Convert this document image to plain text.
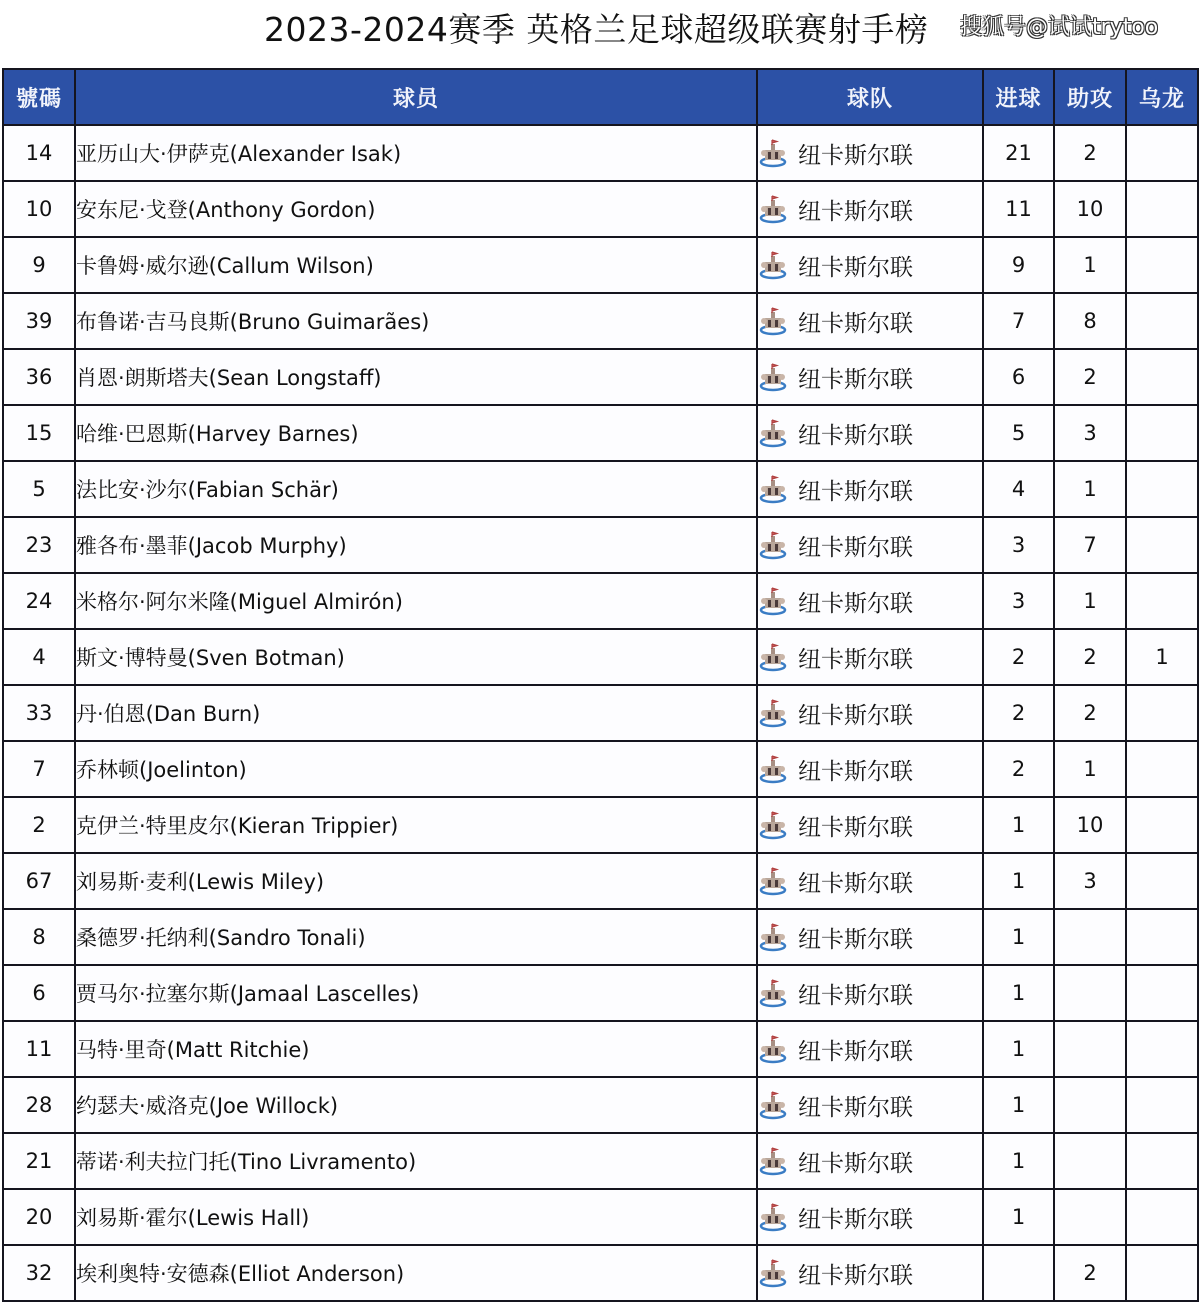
2023-2024赛季 英格兰足球超级联赛射手榜 搜狐号@试试trytoo
號碼	球员	球队	进球	助攻	乌龙
14	亚历山大·伊萨克(Alexander Isak)	纽卡斯尔联	21	2	
10	安东尼·戈登(Anthony Gordon)	纽卡斯尔联	11	10	
9	卡鲁姆·威尔逊(Callum Wilson)	纽卡斯尔联	9	1	
39	布鲁诺·吉马良斯(Bruno Guimarães)	纽卡斯尔联	7	8	
36	肖恩·朗斯塔夫(Sean Longstaff)	纽卡斯尔联	6	2	
15	哈维·巴恩斯(Harvey Barnes)	纽卡斯尔联	5	3	
5	法比安·沙尔(Fabian Schär)	纽卡斯尔联	4	1	
23	雅各布·墨菲(Jacob Murphy)	纽卡斯尔联	3	7	
24	米格尔·阿尔米隆(Miguel Almirón)	纽卡斯尔联	3	1	
4	斯文·博特曼(Sven Botman)	纽卡斯尔联	2	2	1
33	丹·伯恩(Dan Burn)	纽卡斯尔联	2	2	
7	乔林顿(Joelinton)	纽卡斯尔联	2	1	
2	克伊兰·特里皮尔(Kieran Trippier)	纽卡斯尔联	1	10	
67	刘易斯·麦利(Lewis Miley)	纽卡斯尔联	1	3	
8	桑德罗·托纳利(Sandro Tonali)	纽卡斯尔联	1		
6	贾马尔·拉塞尔斯(Jamaal Lascelles)	纽卡斯尔联	1		
11	马特·里奇(Matt Ritchie)	纽卡斯尔联	1		
28	约瑟夫·威洛克(Joe Willock)	纽卡斯尔联	1		
21	蒂诺·利夫拉门托(Tino Livramento)	纽卡斯尔联	1		
20	刘易斯·霍尔(Lewis Hall)	纽卡斯尔联	1		
32	埃利奥特·安德森(Elliot Anderson)	纽卡斯尔联		2	
